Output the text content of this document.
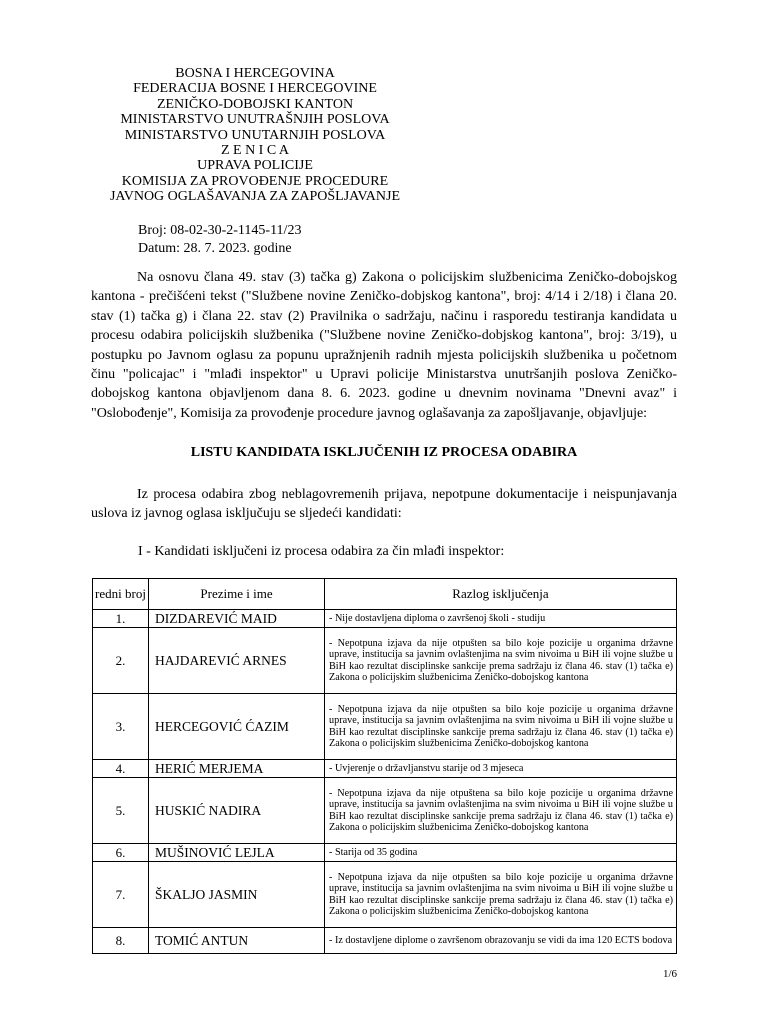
BOSNA I HERCEGOVINA
FEDERACIJA BOSNE I HERCEGOVINE
ZENIČKO-DOBOJSKI KANTON
MINISTARSTVO UNUTRAŠNJIH POSLOVA
MINISTARSTVO UNUTARNJIH POSLOVA
Z E N I C A
UPRAVA POLICIJE
KOMISIJA ZA PROVOĐENJE PROCEDURE
JAVNOG OGLAŠAVANJA ZA ZAPOŠLJAVANJE
Broj: 08-02-30-2-1145-11/23
Datum: 28. 7. 2023. godine
Na osnovu člana 49. stav (3) tačka g) Zakona o policijskim službenicima Zeničko-dobojskog kantona - prečišćeni tekst ("Službene novine Zeničko-dobjskog kantona", broj: 4/14 i 2/18) i člana 20. stav (1) tačka g) i člana 22. stav (2) Pravilnika o sadržaju, načinu i rasporedu testiranja kandidata u procesu odabira policijskih službenika ("Službene novine Zeničko-dobjskog kantona", broj: 3/19), u postupku po Javnom oglasu za popunu upražnjenih radnih mjesta policijskih službenika u početnom činu "policajac" i "mlađi inspektor" u Upravi policije Ministarstva unutršanjih poslova Zeničko-dobojskog kantona objavljenom dana 8. 6. 2023. godine u dnevnim novinama "Dnevni avaz" i "Oslobođenje", Komisija za provođenje procedure javnog oglašavanja za zapošljavanje, objavljuje:
LISTU KANDIDATA ISKLJUČENIH IZ PROCESA ODABIRA
Iz procesa odabira zbog neblagovremenih prijava, nepotpune dokumentacije i neispunjavanja uslova iz javnog oglasa isključuju se sljedeći kandidati:
I - Kandidati isključeni iz procesa odabira za čin mlađi inspektor:
redni broj	Prezime i ime	Razlog isključenja
1.	DIZDAREVIĆ MAID	- Nije dostavljena diploma o završenoj školi - studiju
2.	HAJDAREVIĆ ARNES	- Nepotpuna izjava da nije otpušten sa bilo koje pozicije u organima državne uprave, institucija sa javnim ovlaštenjima na svim nivoima u BiH ili vojne službe u BiH kao rezultat disciplinske sankcije prema sadržaju iz člana 46. stav (1) tačka e) Zakona o policijskim službenicima Zeničko-dobojskog kantona
3.	HERCEGOVIĆ ĆAZIM	- Nepotpuna izjava da nije otpušten sa bilo koje pozicije u organima državne uprave, institucija sa javnim ovlaštenjima na svim nivoima u BiH ili vojne službe u BiH kao rezultat disciplinske sankcije prema sadržaju iz člana 46. stav (1) tačka e) Zakona o policijskim službenicima Zeničko-dobojskog kantona
4.	HERIĆ MERJEMA	- Uvjerenje o državljanstvu starije od 3 mjeseca
5.	HUSKIĆ NADIRA	- Nepotpuna izjava da nije otpuštena sa bilo koje pozicije u organima državne uprave, institucija sa javnim ovlaštenjima na svim nivoima u BiH ili vojne službe u BiH kao rezultat disciplinske sankcije prema sadržaju iz člana 46. stav (1) tačka e) Zakona o policijskim službenicima Zeničko-dobojskog kantona
6.	MUŠINOVIĆ LEJLA	- Starija od 35 godina
7.	ŠKALJO JASMIN	- Nepotpuna izjava da nije otpušten sa bilo koje pozicije u organima državne uprave, institucija sa javnim ovlaštenjima na svim nivoima u BiH ili vojne službe u BiH kao rezultat disciplinske sankcije prema sadržaju iz člana 46. stav (1) tačka e) Zakona o policijskim službenicima Zeničko-dobojskog kantona
8.	TOMIĆ ANTUN	- Iz dostavljene diplome o završenom obrazovanju se vidi da ima 120 ECTS bodova
1/6
